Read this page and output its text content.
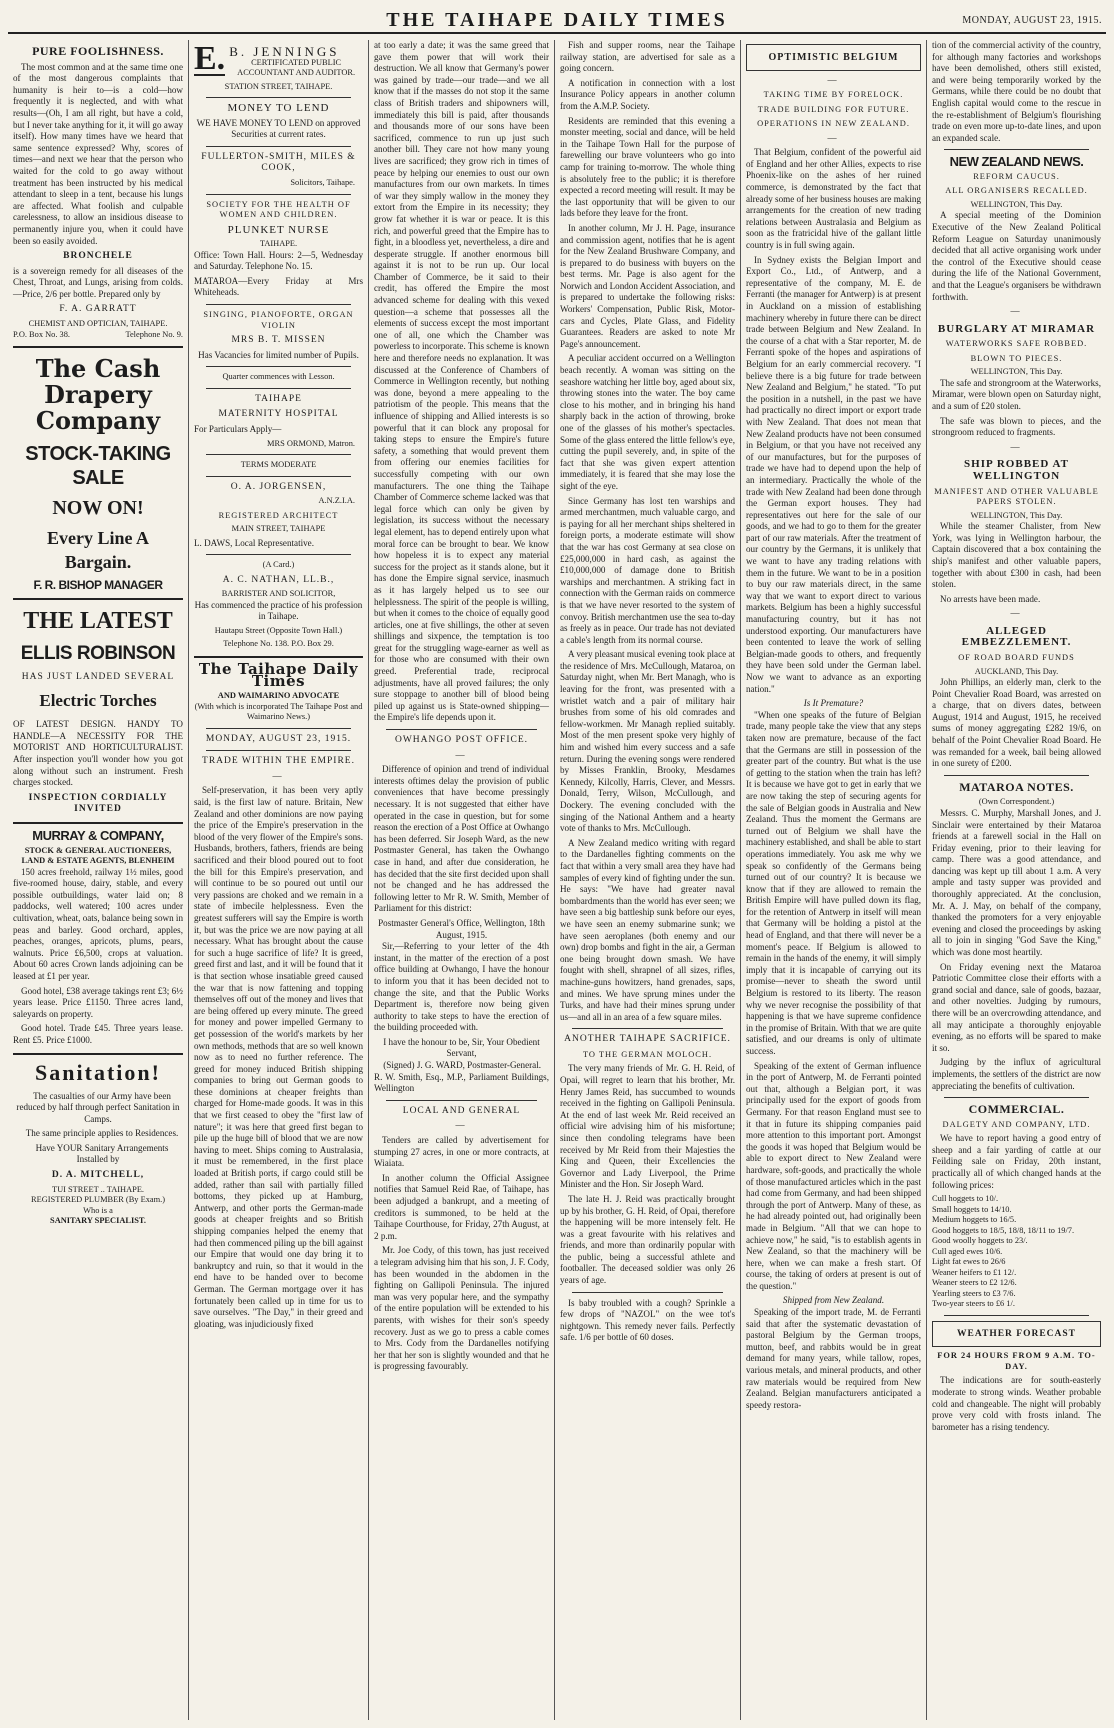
THE TAIHAPE DAILY TIMES	MONDAY, AUGUST 23, 1915.
PURE FOOLISHNESS.

The most common and at the same time one of the most dangerous complaints that humanity is heir to—is a cold—how frequently it is neglected, and with what results—(Oh, I am all right, but have a cold, but I never take anything for it, it will go away itself). How many times have we heard that same sentence expressed? Why, scores of times—and next we hear that the person who waited for the cold to go away without treatment has been instructed by his medical attendant to sleep in a tent, because his lungs are affected. What foolish and culpable carelessness, to allow an insidious disease to permanently injure you, when it could have been so easily avoided.

BRONCHELE

is a sovereign remedy for all diseases of the Chest, Throat, and Lungs, arising from colds.—Price, 2/6 per bottle. Prepared only by

F. A. GARRATT
CHEMIST AND OPTICIAN, TAIHAPE.
P.O. Box No. 38.	Telephone No. 9.
The Cash Drapery Company
STOCK-TAKING SALE
NOW ON!
Every Line A Bargain.
F. R. BISHOP MANAGER
THE LATEST
ELLIS ROBINSON
HAS JUST LANDED SEVERAL
Electric Torches

OF LATEST DESIGN. HANDY TO HANDLE—A NECESSITY FOR THE MOTORIST AND HORTICULTURALIST. After inspection you'll wonder how you got along without such an instrument. Fresh charges stocked.

INSPECTION CORDIALLY INVITED
MURRAY & COMPANY,
STOCK & GENERAL AUCTIONEERS, LAND & ESTATE AGENTS, BLENHEIM

150 acres freehold, railway 1½ miles, good five-roomed house, dairy, stable, and every possible outbuildings, water laid on; 8 paddocks, well watered; 100 acres under cultivation, wheat, oats, balance being sown in peas and barley. Good orchard, apples, peaches, oranges, apricots, plums, pears, walnuts. Price £6,500, crops at valuation. About 60 acres Crown lands adjoining can be leased at £1 per year.

Good hotel, £38 average takings rent £3; 6½ years lease. Price £1150. Three acres land, saleyards on property.

Good hotel. Trade £45. Three years lease. Rent £5. Price £1000.

Sanitation!

The casualties of our Army have been reduced by half through perfect Sanitation in Camps.

The same principle applies to Residences.

Have YOUR Sanitary Arrangements Installed by

D. A. MITCHELL,
TUI STREET .. TAIHAPE.
REGISTERED PLUMBER (By Exam.)
Who is a
SANITARY SPECIALIST.
E. B. JENNINGS
CERTIFICATED PUBLIC ACCOUNTANT AND AUDITOR.
STATION STREET, TAIHAPE.
MONEY TO LEND

WE HAVE MONEY TO LEND on approved Securities at current rates.

FULLERTON-SMITH, MILES & COOK,
Solicitors, Taihape.
SOCIETY FOR THE HEALTH OF WOMEN AND CHILDREN.
PLUNKET NURSE
TAIHAPE.

Office: Town Hall. Hours: 2—5, Wednesday and Saturday. Telephone No. 15.

MATAROA—Every Friday at Mrs Whiteheads.

SINGING, PIANOFORTE, ORGAN VIOLIN
MRS B. T. MISSEN

Has Vacancies for limited number of Pupils.

Quarter commences with Lesson.
TAIHAPE
MATERNITY HOSPITAL

For Particulars Apply—

MRS ORMOND, Matron.
TERMS MODERATE
O. A. JORGENSEN,
A.N.Z.I.A.
REGISTERED ARCHITECT
MAIN STREET, TAIHAPE

L. DAWS, Local Representative.

(A Card.)
A. C. NATHAN, LL.B.,
BARRISTER AND SOLICITOR,

Has commenced the practice of his profession in Taihape.

Hautapu Street (Opposite Town Hall.)
Telephone No. 138. P.O. Box 29.
The Taihape Daily Times
AND WAIMARINO ADVOCATE
(With which is incorporated The Taihape Post and Waimarino News.)
MONDAY, AUGUST 23, 1915.
TRADE WITHIN THE EMPIRE.
—

Self-preservation, it has been very aptly said, is the first law of nature. Britain, New Zealand and other dominions are now paying the price of the Empire's preservation in the blood of the very flower of the Empire's sons. Husbands, brothers, fathers, friends are being sacrificed and their blood poured out to foot the bill for this Empire's preservation, and will continue to be so poured out until our very passions are choked and we remain in a state of imbecile helplessness. Even the greatest sufferers will say the Empire is worth it, but was the price we are now paying at all necessary. What has brought about the cause for such a huge sacrifice of life? It is greed, greed first and last, and it will be found that it is that section whose insatiable greed caused the war that is now fattening and topping themselves off out of the money and lives that are being offered up every minute. The greed for money and power impelled Germany to get possession of the world's markets by her own methods, methods that are so well known now as to need no further reference. The greed for money induced British shipping companies to bring out German goods to these dominions at cheaper freights than charged for Home-made goods. It was in this that we first ceased to obey the "first law of nature"; it was here that greed first began to pile up the huge bill of blood that we are now having to meet. Ships coming to Australasia, it must be remembered, in the first place loaded at British ports, if cargo could still be added, rather than sail with partially filled bottoms, they picked up at Hamburg, Antwerp, and other ports the German-made goods at cheaper freights and so British shipping companies helped the enemy that had then commenced piling up the bill against our Empire that would one day bring it to bankruptcy and ruin, so that it would in the end have to be handed over to become German. The German mortgage over it has fortunately been called up in time for us to save ourselves. "The Day," in their greed and gloating, was injudiciously fixed

at too early a date; it was the same greed that gave them power that will work their destruction. We all know that Germany's power was gained by trade—our trade—and we all know that if the masses do not stop it the same class of British traders and shipowners will, immediately this bill is paid, after thousands and thousands more of our sons have been sacrificed, commence to run up just such another bill. They care not how many young lives are sacrificed; they grow rich in times of peace by helping our enemies to oust our own manufactures from our own markets. In times of war they simply wallow in the money they extort from the Empire in its necessity; they grow fat whether it is war or peace. It is this rich, and powerful greed that the Empire has to fight, in a bloodless yet, nevertheless, a dire and desperate struggle. If another enormous bill against it is not to be run up. Our local Chamber of Commerce, be it said to their credit, has offered the Empire the most advanced scheme for dealing with this vexed question—a scheme that possesses all the elements of success except the most important one of all, one which the Chamber was powerless to incorporate. This scheme is known here and therefore needs no explanation. It was discussed at the Conference of Chambers of Commerce in Wellington recently, but nothing was done, beyond a mere appealing to the patriotism of the people. This means that the influence of shipping and Allied interests is so powerful that it can block any proposal for taking steps to ensure the Empire's future safety, a something that would prevent them from offering our enemies facilities for successfully competing with our own manufacturers. The one thing the Taihape Chamber of Commerce scheme lacked was that legal force which can only be given by legislation, its success without the necessary legal element, has to depend entirely upon what moral force can be brought to bear. We know how hopeless it is to expect any material success for the project as it stands alone, but it has done the Empire signal service, inasmuch as it has largely helped us to see our helplessness. The spirit of the people is willing, but when it comes to the choice of equally good articles, one at five shillings, the other at seven shillings and sixpence, the temptation is too great for the struggling wage-earner as well as for those who are consumed with their own greed. Preferential trade, reciprocal adjustments, have all proved failures; the only sure stoppage to another bill of blood being piled up against us is State-owned shipping—the Empire's life depends upon it.

OWHANGO POST OFFICE.
—

Difference of opinion and trend of individual interests oftimes delay the provision of public conveniences that have become pressingly necessary. It is not suggested that either have operated in the case in question, but for some reason the erection of a Post Office at Owhango has been deferred. Sir Joseph Ward, as the new Postmaster General, has taken the Owhango case in hand, and after due consideration, he has decided that the site first decided upon shall not be changed and he has addressed the following letter to Mr R. W. Smith, Member of Parliament for this district:

Postmaster General's Office, Wellington, 18th August, 1915.

Sir,—Referring to your letter of the 4th instant, in the matter of the erection of a post office building at Owhango, I have the honour to inform you that it has been decided not to change the site, and that the Public Works Department is, therefore now being given authority to take steps to have the erection of the building proceeded with.

I have the honour to be, Sir, Your Obedient Servant,
(Signed) J. G. WARD, Postmaster-General.

R. W. Smith, Esq., M.P., Parliament Buildings, Wellington

LOCAL AND GENERAL
—

Tenders are called by advertisement for stumping 27 acres, in one or more contracts, at Wiaiata.

In another column the Official Assignee notifies that Samuel Reid Rae, of Taihape, has been adjudged a bankrupt, and a meeting of creditors is summoned, to be held at the Taihape Courthouse, for Friday, 27th August, at 2 p.m.

Mr. Joe Cody, of this town, has just received a telegram advising him that his son, J. F. Cody, has been wounded in the abdomen in the fighting on Gallipoli Peninsula. The injured man was very popular here, and the sympathy of the entire population will be extended to his parents, with wishes for their son's speedy recovery. Just as we go to press a cable comes to Mrs. Cody from the Dardanelles notifying her that her son is slightly wounded and that he is progressing favourably.

Fish and supper rooms, near the Taihape railway station, are advertised for sale as a going concern.

A notification in connection with a lost Insurance Policy appears in another column from the A.M.P. Society.

Residents are reminded that this evening a monster meeting, social and dance, will be held in the Taihape Town Hall for the purpose of farewelling our brave volunteers who go into camp for training to-morrow. The whole thing is absolutely free to the public; it is therefore expected a record meeting will result. It may be the last opportunity that will be given to our lads before they leave for the front.

In another column, Mr J. H. Page, insurance and commission agent, notifies that he is agent for the New Zealand Brushware Company, and is prepared to do business with buyers on the best terms. Mr. Page is also agent for the Norwich and London Accident Association, and is prepared to undertake the following risks: Workers' Compensation, Public Risk, Motor-cars and Cycles, Plate Glass, and Fidelity Guarantees. Readers are asked to note Mr Page's announcement.

A peculiar accident occurred on a Wellington beach recently. A woman was sitting on the seashore watching her little boy, aged about six, throwing stones into the water. The boy came close to his mother, and in bringing his hand sharply back in the action of throwing, broke one of the glasses of his mother's spectacles. Some of the glass entered the little fellow's eye, cutting the pupil severely, and, in spite of the fact that she was given expert attention immediately, it is feared that she may lose the sight of the eye.

Since Germany has lost ten warships and armed merchantmen, much valuable cargo, and is paying for all her merchant ships sheltered in foreign ports, a moderate estimate will show that the war has cost Germany at sea close on £25,000,000 in hard cash, as against the £10,000,000 of damage done to British warships and merchantmen. A striking fact in connection with the German raids on commerce is that we have never resorted to the system of convoy. British merchantmen use the sea to-day as freely as in peace. Our trade has not deviated a cable's length from its normal course.

A very pleasant musical evening took place at the residence of Mrs. McCullough, Mataroa, on Saturday night, when Mr. Bert Managh, who is leaving for the front, was presented with a wristlet watch and a pair of military hair brushes from some of his old comrades and fellow-workmen. Mr Managh replied suitably. Most of the men present spoke very highly of him and wished him every success and a safe return. During the evening songs were rendered by Misses Franklin, Brooky, Mesdames Kennedy, Kilcolly, Harris, Clever, and Messrs. Donald, Terry, Wilson, McCullough, and Dockery. The evening concluded with the singing of the National Anthem and a hearty vote of thanks to Mrs. McCullough.

A New Zealand medico writing with regard to the Dardanelles fighting comments on the fact that within a very small area they have had samples of every kind of fighting under the sun. He says: "We have had greater naval bombardments than the world has ever seen; we have seen a big battleship sunk before our eyes, we have seen an enemy submarine sunk; we have seen aeroplanes (both enemy and our own) drop bombs and fight in the air, a German one being brought down smash. We have fought with shell, shrapnel of all sizes, rifles, machine-guns howitzers, hand grenades, saps, and mines. We have sprung mines under the Turks, and have had their mines sprung under us—and all in an area of a few square miles.

ANOTHER TAIHAPE SACRIFICE.
TO THE GERMAN MOLOCH.

The very many friends of Mr. G. H. Reid, of Opai, will regret to learn that his brother, Mr. Henry James Reid, has succumbed to wounds received in the fighting on Gallipoli Peninsula. At the end of last week Mr. Reid received an official wire advising him of his misfortune; since then condoling telegrams have been received by Mr Reid from their Majesties the King and Queen, their Excellencies the Governor and Lady Liverpool, the Prime Minister and the Hon. Sir Joseph Ward.

The late H. J. Reid was practically brought up by his brother, G. H. Reid, of Opai, therefore the happening will be more intensely felt. He was a great favourite with his relatives and friends, and more than ordinarily popular with the public, being a successful athlete and footballer. The deceased soldier was only 26 years of age.

Is baby troubled with a cough? Sprinkle a few drops of "NAZOL" on the wee tot's nightgown. This remedy never fails. Perfectly safe. 1/6 per bottle of 60 doses.

OPTIMISTIC BELGIUM
—
TAKING TIME BY FORELOCK.
TRADE BUILDING FOR FUTURE.
OPERATIONS IN NEW ZEALAND.
—

That Belgium, confident of the powerful aid of England and her other Allies, expects to rise Phoenix-like on the ashes of her ruined commerce, is demonstrated by the fact that already some of her business houses are making arrangements for the creation of new trading relations between Australasia and Belgium as soon as the fratricidal hive of the gallant little country is in full swing again.

In Sydney exists the Belgian Import and Export Co., Ltd., of Antwerp, and a representative of the company, M. E. de Ferranti (the manager for Antwerp) is at present in Auckland on a mission of establishing machinery whereby in future there can be direct trade between Belgium and New Zealand. In the course of a chat with a Star reporter, M. de Ferranti spoke of the hopes and aspirations of Belgium for an early commercial recovery. "I believe there is a big future for trade between New Zealand and Belgium," he stated. "To put the position in a nutshell, in the past we have had practically no direct import or export trade with New Zealand. That does not mean that New Zealand products have not been consumed in Belgium, or that you have not received any of our manufactures, but for the purposes of trade we have had to depend upon the help of an intermediary. Practically the whole of the trade with New Zealand had been done through the German export houses. They had representatives out here for the sale of our goods, and we had to go to them for the greater part of our raw materials. After the treatment of our country by the Germans, it is unlikely that we want to have any trading relations with them in the future. We want to be in a position to buy our raw materials direct, in the same way that we want to export direct to various markets. Belgium has been a highly successful manufacturing country, but it has not understood exporting. Our manufacturers have been contented to leave the work of selling Belgian-made goods to others, and frequently they have been sold under the German label. Now we want to advance as an exporting nation."

Is It Premature?

"When one speaks of the future of Belgian trade, many people take the view that any steps taken now are premature, because of the fact that the Germans are still in possession of the greater part of the country. But what is the use of getting to the station when the train has left? It is because we have got to get in early that we are now taking the step of securing agents for the sale of Belgian goods in Australia and New Zealand. Thus the moment the Germans are turned out of Belgium we shall have the machinery established, and shall be able to start operations immediately. You ask me why we speak so confidently of the Germans being turned out of our country? It is because we know that if they are allowed to remain the British Empire will have pulled down its flag, for the retention of Antwerp in itself will mean that Germany will be holding a pistol at the head of England, and that there will never be a moment's peace. If Belgium is allowed to remain in the hands of the enemy, it will simply imply that it is incapable of carrying out its promise—never to sheath the sword until Belgium is restored to its liberty. The reason why we never recognise the possibility of that happening is that we have supreme confidence in the promise of Britain. With that we are quite satisfied, and our dreams is only of ultimate success.

Speaking of the extent of German influence in the port of Antwerp, M. de Ferranti pointed out that, although a Belgian port, it was principally used for the export of goods from Germany. For that reason England must see to it that in future its shipping companies paid more attention to this important port. Amongst the goods it was hoped that Belgium would be able to export direct to New Zealand were hardware, soft-goods, and practically the whole of those manufactured articles which in the past had come from Germany, and had been shipped through the port of Antwerp. Many of these, as he had already pointed out, had originally been made in Belgium. "All that we can hope to achieve now," he said, "is to establish agents in New Zealand, so that the machinery will be here, when we can make a fresh start. Of course, the taking of orders at present is out of the question."

Shipped from New Zealand.

Speaking of the import trade, M. de Ferranti said that after the systematic devastation of pastoral Belgium by the German troops, mutton, beef, and rabbits would be in great demand for many years, while tallow, ropes, various metals, and mineral products, and other raw materials would be required from New Zealand. Belgian manufacturers anticipated a speedy restora-

tion of the commercial activity of the country, for although many factories and workshops have been demolished, others still existed, and were being temporarily worked by the Germans, while there could be no doubt that English capital would come to the rescue in the re-establishment of Belgium's flourishing trade on even more up-to-date lines, and upon an expanded scale.

NEW ZEALAND NEWS.
REFORM CAUCUS.
ALL ORGANISERS RECALLED.
WELLINGTON, This Day.

A special meeting of the Dominion Executive of the New Zealand Political Reform League on Saturday unanimously decided that all active organising work under the control of the Executive should cease during the life of the National Government, and that the League's organisers be withdrawn forthwith.

—
BURGLARY AT MIRAMAR
WATERWORKS SAFE ROBBED.
BLOWN TO PIECES.
WELLINGTON, This Day.

The safe and strongroom at the Waterworks, Miramar, were blown open on Saturday night, and a sum of £20 stolen.

The safe was blown to pieces, and the strongroom reduced to fragments.

—
SHIP ROBBED AT WELLINGTON
MANIFEST AND OTHER VALUABLE PAPERS STOLEN.
WELLINGTON, This Day.

While the steamer Chalister, from New York, was lying in Wellington harbour, the Captain discovered that a box containing the ship's manifest and other valuable papers, together with about £300 in cash, had been stolen.

No arrests have been made.

—
ALLEGED EMBEZZLEMENT.
OF ROAD BOARD FUNDS
AUCKLAND, This Day.

John Phillips, an elderly man, clerk to the Point Chevalier Road Board, was arrested on a charge, that on divers dates, between August, 1914 and August, 1915, he received sums of money aggregating £282 19/6, on behalf of the Point Chevalier Road Board. He was remanded for a week, bail being allowed in one surety of £200.

MATAROA NOTES.
(Own Correspondent.)

Messrs. C. Murphy, Marshall Jones, and J. Sinclair were entertained by their Mataroa friends at a farewell social in the Hall on Friday evening, prior to their leaving for camp. There was a good attendance, and dancing was kept up till about 1 a.m. A very ample and tasty supper was provided and thoroughly appreciated. At the conclusion, Mr. A. J. May, on behalf of the company, thanked the promoters for a very enjoyable evening and closed the proceedings by asking all to join in singing "God Save the King," which was done most heartily.

On Friday evening next the Mataroa Patriotic Committee close their efforts with a grand social and dance, sale of goods, bazaar, and other novelties. Judging by rumours, there will be an overcrowding attendance, and all may anticipate a thoroughly enjoyable evening, as no efforts will be spared to make it so.

Judging by the influx of agricultural implements, the settlers of the district are now appreciating the benefits of cultivation.

COMMERCIAL.
DALGETY AND COMPANY, LTD.

We have to report having a good entry of sheep and a fair yarding of cattle at our Feilding sale on Friday, 20th instant, practically all of which changed hands at the following prices:

Cull hoggets to 10/.
Small hoggets to 14/10.
Medium hoggets to 16/5.
Good hoggets to 18/5, 18/8, 18/11 to 19/7.
Good woolly hoggets to 23/.
Cull aged ewes 10/6.
Light fat ewes to 26/6
Weaner heifers to £1 12/.
Weaner steers to £2 12/6.
Yearling steers to £3 7/6.
Two-year steers to £6 1/.
WEATHER FORECAST
FOR 24 HOURS FROM 9 A.M. TO-DAY.

The indications are for south-easterly moderate to strong winds. Weather probable cold and changeable. The night will probably prove very cold with frosts inland. The barometer has a rising tendency.
